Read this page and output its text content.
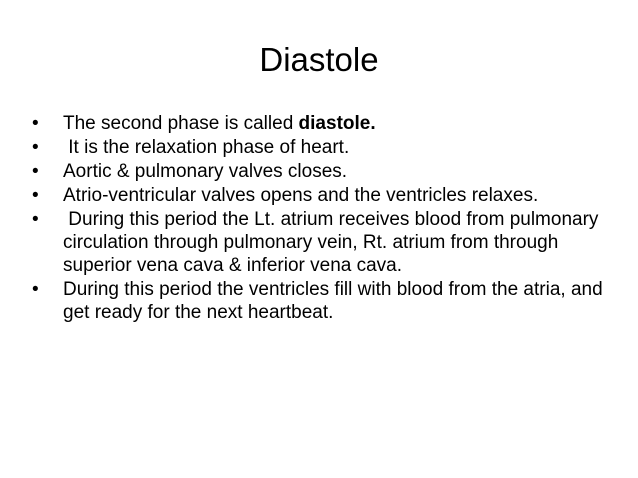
Diastole
•	The second phase is called diastole.
•	It is the relaxation phase of heart.
•	Aortic & pulmonary valves closes.
•	Atrio-ventricular valves opens and the ventricles relaxes.
•	During this period the Lt. atrium receives blood from pulmonary circulation through pulmonary vein, Rt. atrium from through superior vena cava & inferior vena cava.
•	During this period the ventricles fill with blood from the atria, and get ready for the next heartbeat.
